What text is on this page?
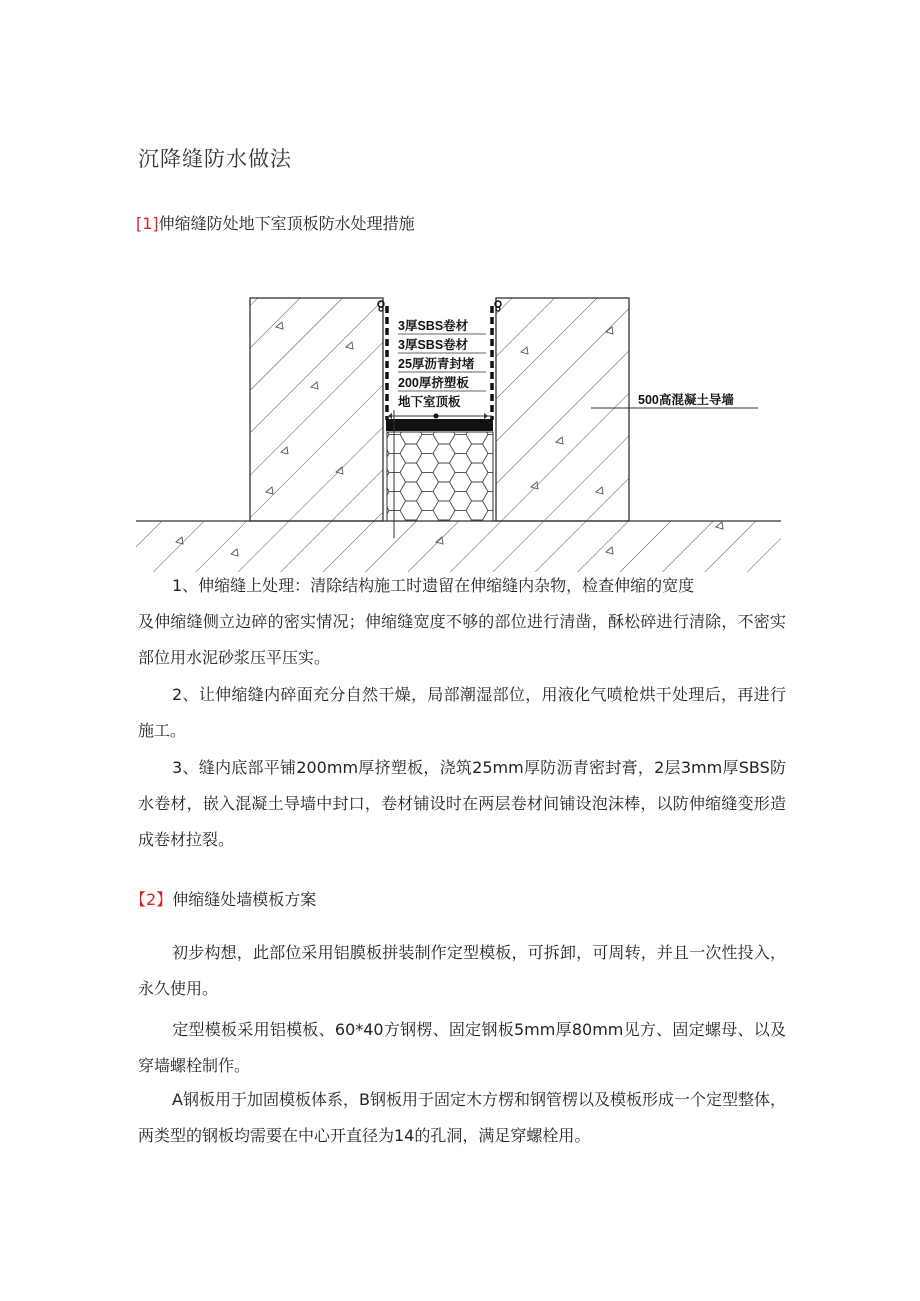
沉降缝防水做法
[1]伸缩缝防处地下室顶板防水处理措施
3厚SBS卷材
3厚SBS卷材
25厚沥青封堵
200厚挤塑板
地下室顶板	500高混凝土导墙
1、伸缩缝上处理：清除结构施工时遗留在伸缩缝内杂物，检查伸缩的宽度
及伸缩缝侧立边碎的密实情况；伸缩缝宽度不够的部位进行清凿，酥松碎进行清除，不密实部位用水泥砂浆压平压实。
2、让伸缩缝内碎面充分自然干燥，局部潮湿部位，用液化气喷枪烘干处理后，再进行施工。
3、缝内底部平铺200mm厚挤塑板，浇筑25mm厚防沥青密封膏，2层3mm厚SBS防水卷材，嵌入混凝土导墙中封口，卷材铺设时在两层卷材间铺设泡沫棒，以防伸缩缝变形造成卷材拉裂。
【2】伸缩缝处墙模板方案
初步构想，此部位采用铝膜板拼装制作定型模板，可拆卸，可周转，并且一次性投入，永久使用。
定型模板采用铝模板、60*40方钢楞、固定钢板5mm厚80mm见方、固定螺母、以及穿墙螺栓制作。
A钢板用于加固模板体系，B钢板用于固定木方楞和钢管楞以及模板形成一个定型整体，两类型的钢板均需要在中心开直径为14的孔洞，满足穿螺栓用。
